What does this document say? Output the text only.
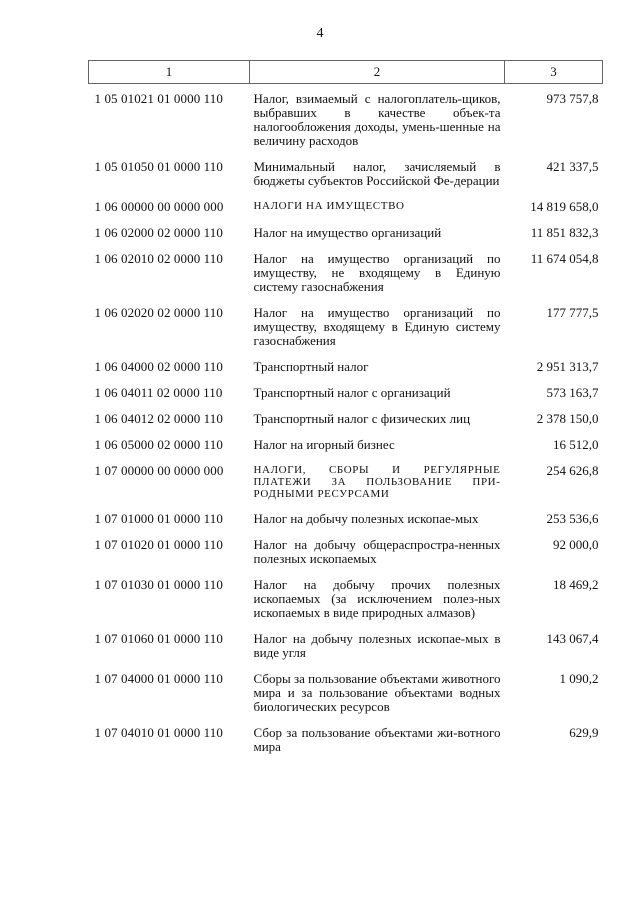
4
1	2	3
1 05 01021 01 0000 110	Налог, взимаемый с налогоплатель-щиков, выбравших в качестве объек-та налогообложения доходы, умень-шенные на величину расходов	973 757,8
1 05 01050 01 0000 110	Минимальный налог, зачисляемый в бюджеты субъектов Российской Фе-дерации	421 337,5
1 06 00000 00 0000 000	НАЛОГИ НА ИМУЩЕСТВО	14 819 658,0
1 06 02000 02 0000 110	Налог на имущество организаций	11 851 832,3
1 06 02010 02 0000 110	Налог на имущество организаций по имуществу, не входящему в Единую систему газоснабжения	11 674 054,8
1 06 02020 02 0000 110	Налог на имущество организаций по имуществу, входящему в Единую систему газоснабжения	177 777,5
1 06 04000 02 0000 110	Транспортный налог	2 951 313,7
1 06 04011 02 0000 110	Транспортный налог с организаций	573 163,7
1 06 04012 02 0000 110	Транспортный налог с физических лиц	2 378 150,0
1 06 05000 02 0000 110	Налог на игорный бизнес	16 512,0
1 07 00000 00 0000 000	НАЛОГИ, СБОРЫ И РЕГУЛЯРНЫЕ ПЛАТЕЖИ ЗА ПОЛЬЗОВАНИЕ ПРИ-РОДНЫМИ РЕСУРСАМИ	254 626,8
1 07 01000 01 0000 110	Налог на добычу полезных ископае-мых	253 536,6
1 07 01020 01 0000 110	Налог на добычу общераспростра-ненных полезных ископаемых	92 000,0
1 07 01030 01 0000 110	Налог на добычу прочих полезных ископаемых (за исключением полез-ных ископаемых в виде природных алмазов)	18 469,2
1 07 01060 01 0000 110	Налог на добычу полезных ископае-мых в виде угля	143 067,4
1 07 04000 01 0000 110	Сборы за пользование объектами животного мира и за пользование объектами водных биологических ресурсов	1 090,2
1 07 04010 01 0000 110	Сбор за пользование объектами жи-вотного мира	629,9
